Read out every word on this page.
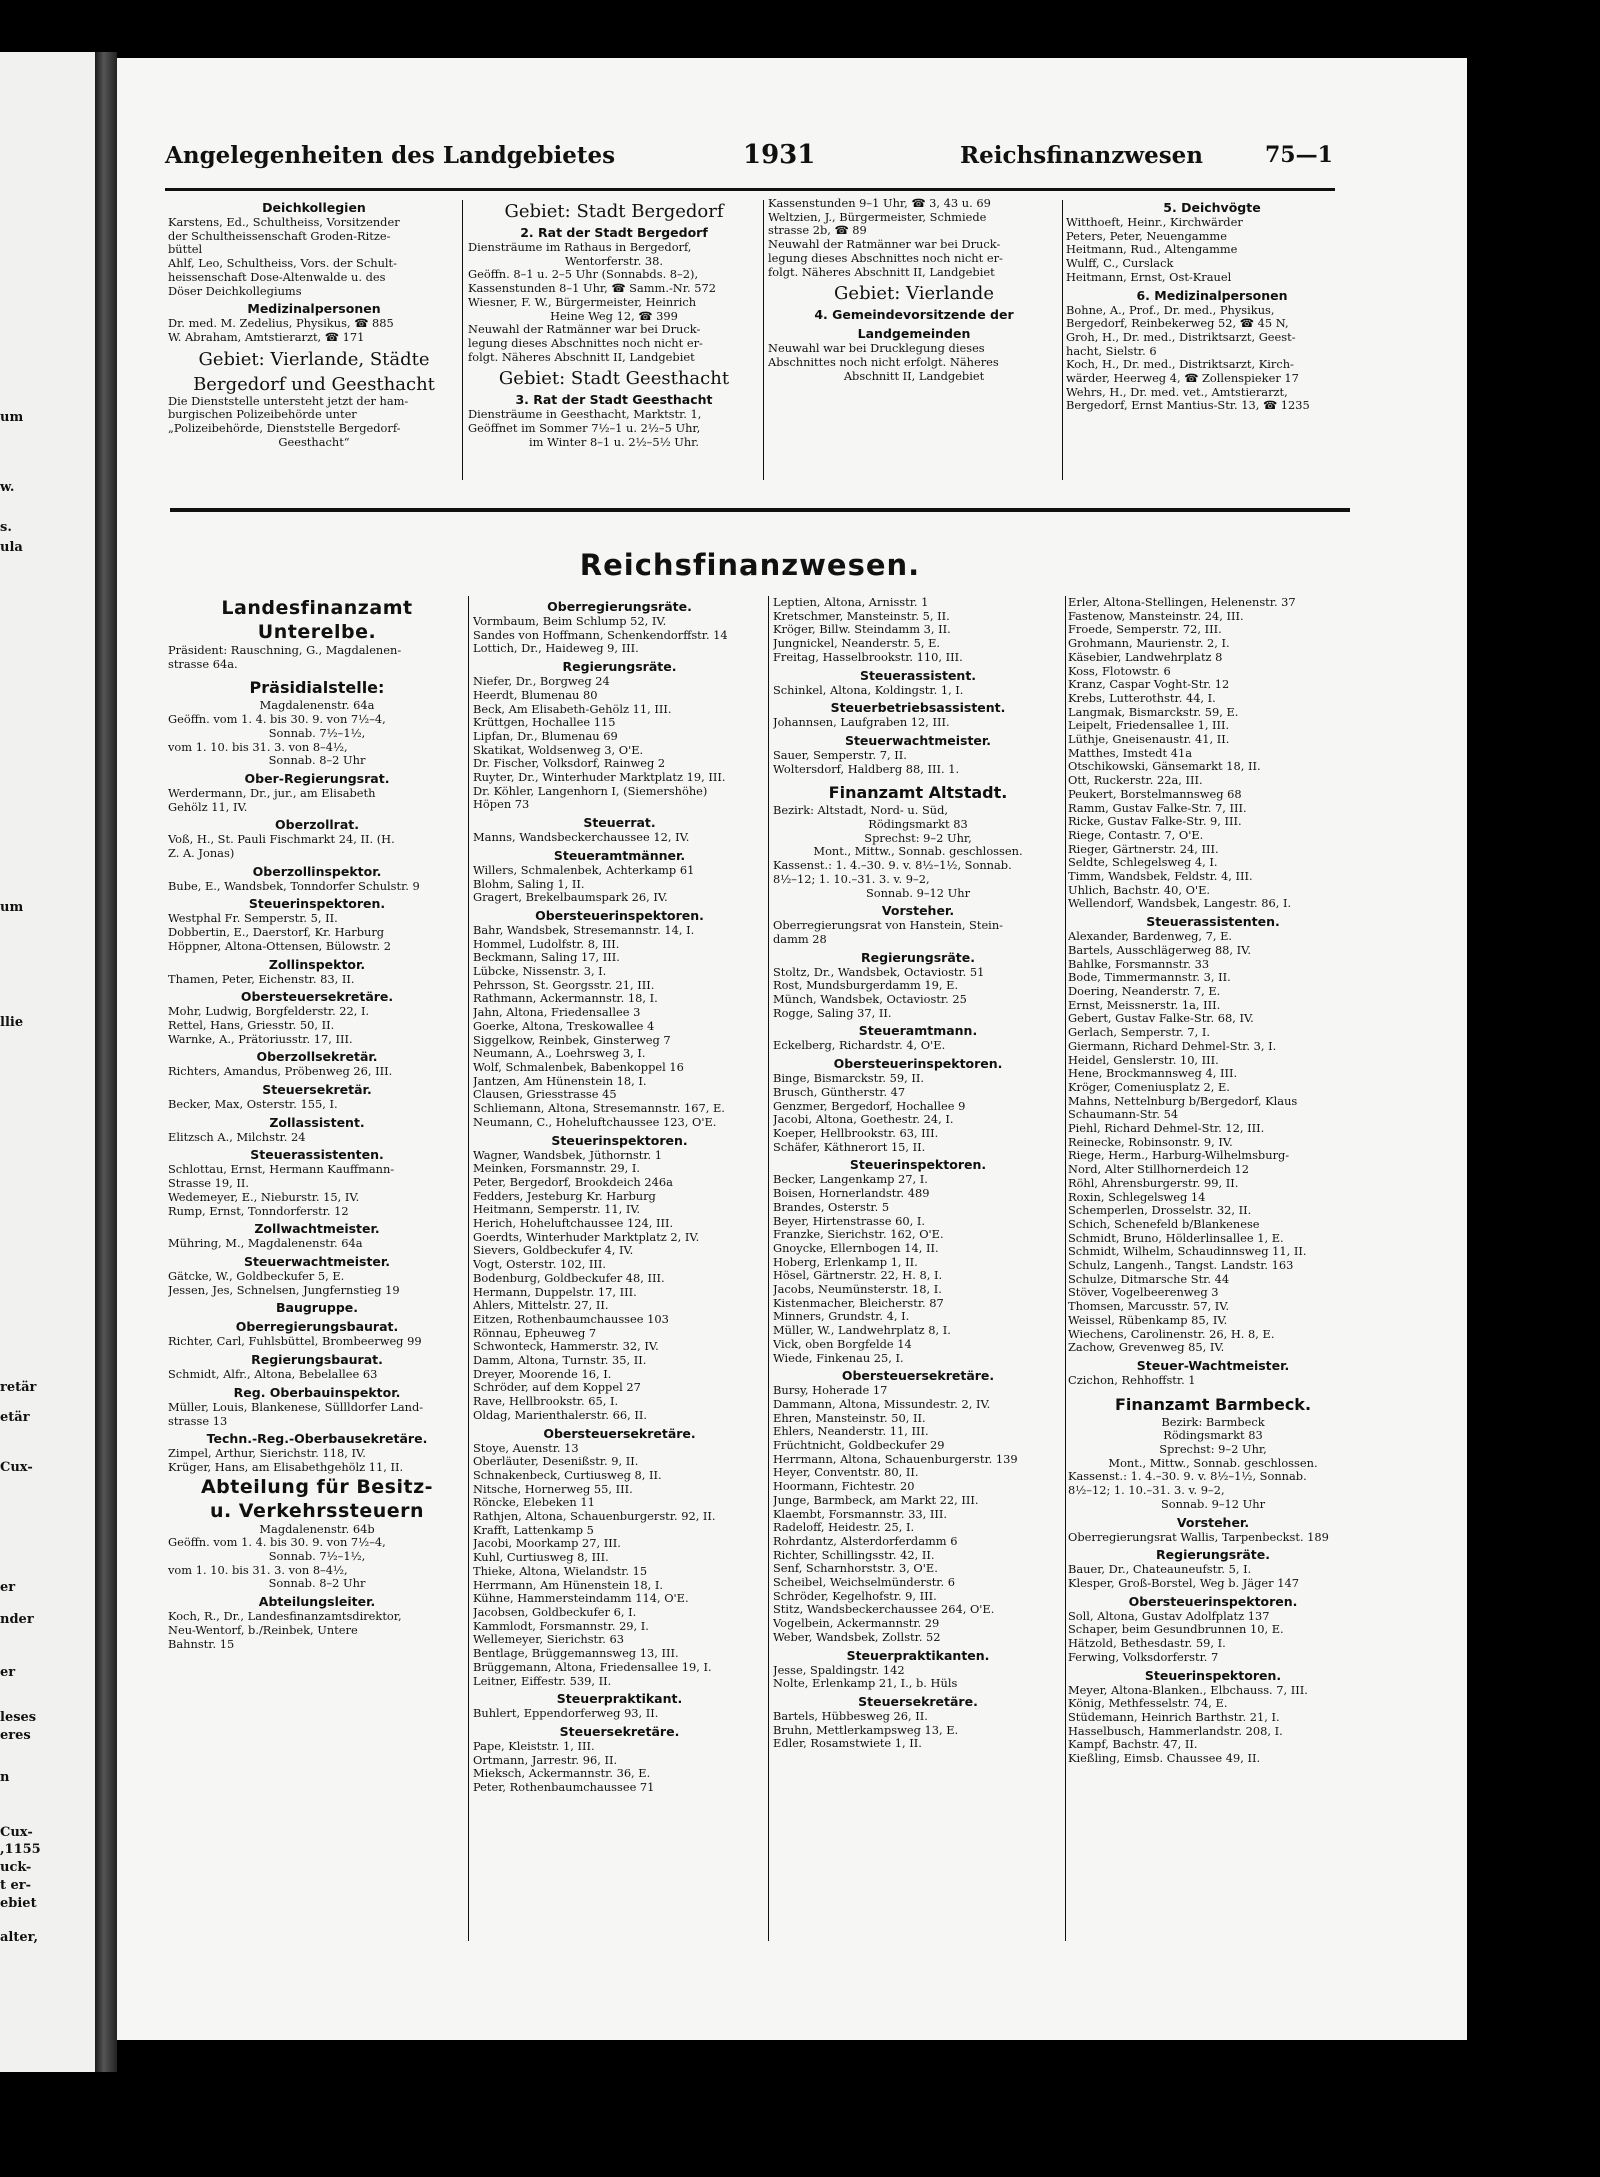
um
w.
s.
ula
um
llie
retär
etär
Cux-
er
nder
er
leses
eres
n
Cux-
,1155
uck-
t er-
ebiet
alter,
Angelegenheiten des Landgebietes	1931	Reichsfinanzwesen	75—1
Deichkollegien
Karstens, Ed., Schultheiss, Vorsitzender
der Schultheissenschaft Groden-Ritze-
büttel
Ahlf, Leo, Schultheiss, Vors. der Schult-
heissenschaft Dose-Altenwalde u. des
Döser Deichkollegiums
Medizinalpersonen
Dr. med. M. Zedelius, Physikus, ☎ 885
W. Abraham, Amtstierarzt, ☎ 171
Gebiet: Vierlande, Städte
Bergedorf und Geesthacht
Die Dienststelle untersteht jetzt der ham-
burgischen Polizeibehörde unter
„Polizeibehörde, Dienststelle Bergedorf-
Geesthacht“
Gebiet: Stadt Bergedorf
2. Rat der Stadt Bergedorf
Diensträume im Rathaus in Bergedorf,
Wentorferstr. 38.
Geöffn. 8–1 u. 2–5 Uhr (Sonnabds. 8–2),
Kassenstunden 8–1 Uhr, ☎ Samm.-Nr. 572
Wiesner, F. W., Bürgermeister, Heinrich
Heine Weg 12, ☎ 399
Neuwahl der Ratmänner war bei Druck-
legung dieses Abschnittes noch nicht er-
folgt. Näheres Abschnitt II, Landgebiet
Gebiet: Stadt Geesthacht
3. Rat der Stadt Geesthacht
Diensträume in Geesthacht, Marktstr. 1,
Geöffnet im Sommer 7½–1 u. 2½–5 Uhr,
im Winter 8–1 u. 2½–5½ Uhr.
Kassenstunden 9–1 Uhr, ☎ 3, 43 u. 69
Weltzien, J., Bürgermeister, Schmiede
strasse 2b, ☎ 89
Neuwahl der Ratmänner war bei Druck-
legung dieses Abschnittes noch nicht er-
folgt. Näheres Abschnitt II, Landgebiet
Gebiet: Vierlande
4. Gemeindevorsitzende der
Landgemeinden
Neuwahl war bei Drucklegung dieses
Abschnittes noch nicht erfolgt. Näheres
Abschnitt II, Landgebiet
5. Deichvögte
Witthoeft, Heinr., Kirchwärder
Peters, Peter, Neuengamme
Heitmann, Rud., Altengamme
Wulff, C., Curslack
Heitmann, Ernst, Ost-Krauel
6. Medizinalpersonen
Bohne, A., Prof., Dr. med., Physikus,
Bergedorf, Reinbekerweg 52, ☎ 45 N,
Groh, H., Dr. med., Distriktsarzt, Geest-
hacht, Sielstr. 6
Koch, H., Dr. med., Distriktsarzt, Kirch-
wärder, Heerweg 4, ☎ Zollenspieker 17
Wehrs, H., Dr. med. vet., Amtstierarzt,
Bergedorf, Ernst Mantius-Str. 13, ☎ 1235
Reichsfinanzwesen.
Landesfinanzamt
Unterelbe.
Präsident: Rauschning, G., Magdalenen-
strasse 64a.
Präsidialstelle:
Magdalenenstr. 64a
Geöffn. vom 1. 4. bis 30. 9. von 7½–4,
Sonnab. 7½–1½,
vom 1. 10. bis 31. 3. von 8–4½,
Sonnab. 8–2 Uhr
Ober-Regierungsrat.
Werdermann, Dr., jur., am Elisabeth
Gehölz 11, IV.
Oberzollrat.
Voß, H., St. Pauli Fischmarkt 24, II. (H.
Z. A. Jonas)
Oberzollinspektor.
Bube, E., Wandsbek, Tonndorfer Schulstr. 9
Steuerinspektoren.
Westphal Fr. Semperstr. 5, II.
Dobbertin, E., Daerstorf, Kr. Harburg
Höppner, Altona-Ottensen, Bülowstr. 2
Zollinspektor.
Thamen, Peter, Eichenstr. 83, II.
Obersteuersekretäre.
Mohr, Ludwig, Borgfelderstr. 22, I.
Rettel, Hans, Griesstr. 50, II.
Warnke, A., Prätoriusstr. 17, III.
Oberzollsekretär.
Richters, Amandus, Pröbenweg 26, III.
Steuersekretär.
Becker, Max, Osterstr. 155, I.
Zollassistent.
Elitzsch A., Milchstr. 24
Steuerassistenten.
Schlottau, Ernst, Hermann Kauffmann-
Strasse 19, II.
Wedemeyer, E., Nieburstr. 15, IV.
Rump, Ernst, Tonndorferstr. 12
Zollwachtmeister.
Mühring, M., Magdalenenstr. 64a
Steuerwachtmeister.
Gätcke, W., Goldbeckufer 5, E.
Jessen, Jes, Schnelsen, Jungfernstieg 19
Baugruppe.
Oberregierungsbaurat.
Richter, Carl, Fuhlsbüttel, Brombeerweg 99
Regierungsbaurat.
Schmidt, Alfr., Altona, Bebelallee 63
Reg. Oberbauinspektor.
Müller, Louis, Blankenese, Süllldorfer Land-
strasse 13
Techn.-Reg.-Oberbausekretäre.
Zimpel, Arthur, Sierichstr. 118, IV.
Krüger, Hans, am Elisabethgehölz 11, II.
Abteilung für Besitz-
u. Verkehrssteuern
Magdalenenstr. 64b
Geöffn. vom 1. 4. bis 30. 9. von 7½–4,
Sonnab. 7½–1½,
vom 1. 10. bis 31. 3. von 8–4½,
Sonnab. 8–2 Uhr
Abteilungsleiter.
Koch, R., Dr., Landesfinanzamtsdirektor,
Neu-Wentorf, b./Reinbek, Untere
Bahnstr. 15
Oberregierungsräte.
Vormbaum, Beim Schlump 52, IV.
Sandes von Hoffmann, Schenkendorffstr. 14
Lottich, Dr., Haideweg 9, III.
Regierungsräte.
Niefer, Dr., Borgweg 24
Heerdt, Blumenau 80
Beck, Am Elisabeth-Gehölz 11, III.
Krüttgen, Hochallee 115
Lipfan, Dr., Blumenau 69
Skatikat, Woldsenweg 3, O'E.
Dr. Fischer, Volksdorf, Rainweg 2
Ruyter, Dr., Winterhuder Marktplatz 19, III.
Dr. Köhler, Langenhorn I, (Siemershöhe)
Höpen 73
Steuerrat.
Manns, Wandsbeckerchaussee 12, IV.
Steueramtmänner.
Willers, Schmalenbek, Achterkamp 61
Blohm, Saling 1, II.
Gragert, Brekelbaumspark 26, IV.
Obersteuerinspektoren.
Bahr, Wandsbek, Stresemannstr. 14, I.
Hommel, Ludolfstr. 8, III.
Beckmann, Saling 17, III.
Lübcke, Nissenstr. 3, I.
Pehrsson, St. Georgsstr. 21, III.
Rathmann, Ackermannstr. 18, I.
Jahn, Altona, Friedensallee 3
Goerke, Altona, Treskowallee 4
Siggelkow, Reinbek, Ginsterweg 7
Neumann, A., Loehrsweg 3, I.
Wolf, Schmalenbek, Babenkoppel 16
Jantzen, Am Hünenstein 18, I.
Clausen, Griesstrasse 45
Schliemann, Altona, Stresemannstr. 167, E.
Neumann, C., Hoheluftchaussee 123, O'E.
Steuerinspektoren.
Wagner, Wandsbek, Jüthornstr. 1
Meinken, Forsmannstr. 29, I.
Peter, Bergedorf, Brookdeich 246a
Fedders, Jesteburg Kr. Harburg
Heitmann, Semperstr. 11, IV.
Herich, Hoheluftchaussee 124, III.
Goerdts, Winterhuder Marktplatz 2, IV.
Sievers, Goldbeckufer 4, IV.
Vogt, Osterstr. 102, III.
Bodenburg, Goldbeckufer 48, III.
Hermann, Duppelstr. 17, III.
Ahlers, Mittelstr. 27, II.
Eitzen, Rothenbaumchaussee 103
Rönnau, Epheuweg 7
Schwonteck, Hammerstr. 32, IV.
Damm, Altona, Turnstr. 35, II.
Dreyer, Moorende 16, I.
Schröder, auf dem Koppel 27
Rave, Hellbrookstr. 65, I.
Oldag, Marienthalerstr. 66, II.
Obersteuersekretäre.
Stoye, Auenstr. 13
Oberläuter, Desenißstr. 9, II.
Schnakenbeck, Curtiusweg 8, II.
Nitsche, Hornerweg 55, III.
Röncke, Elebeken 11
Rathjen, Altona, Schauenburgerstr. 92, II.
Krafft, Lattenkamp 5
Jacobi, Moorkamp 27, III.
Kuhl, Curtiusweg 8, III.
Thieke, Altona, Wielandstr. 15
Herrmann, Am Hünenstein 18, I.
Kühne, Hammersteindamm 114, O'E.
Jacobsen, Goldbeckufer 6, I.
Kammlodt, Forsmannstr. 29, I.
Wellemeyer, Sierichstr. 63
Bentlage, Brüggemannsweg 13, III.
Brüggemann, Altona, Friedensallee 19, I.
Leitner, Eiffestr. 539, II.
Steuerpraktikant.
Buhlert, Eppendorferweg 93, II.
Steuersekretäre.
Pape, Kleiststr. 1, III.
Ortmann, Jarrestr. 96, II.
Mieksch, Ackermannstr. 36, E.
Peter, Rothenbaumchaussee 71
Leptien, Altona, Arnisstr. 1
Kretschmer, Mansteinstr. 5, II.
Kröger, Billw. Steindamm 3, II.
Jungnickel, Neanderstr. 5, E.
Freitag, Hasselbrookstr. 110, III.
Steuerassistent.
Schinkel, Altona, Koldingstr. 1, I.
Steuerbetriebsassistent.
Johannsen, Laufgraben 12, III.
Steuerwachtmeister.
Sauer, Semperstr. 7, II.
Woltersdorf, Haldberg 88, III. 1.
Finanzamt Altstadt.
Bezirk: Altstadt, Nord- u. Süd,
Rödingsmarkt 83
Sprechst: 9–2 Uhr,
Mont., Mittw., Sonnab. geschlossen.
Kassenst.: 1. 4.–30. 9. v. 8½–1½, Sonnab.
8½–12; 1. 10.–31. 3. v. 9–2,
Sonnab. 9–12 Uhr
Vorsteher.
Oberregierungsrat von Hanstein, Stein-
damm 28
Regierungsräte.
Stoltz, Dr., Wandsbek, Octaviostr. 51
Rost, Mundsburgerdamm 19, E.
Münch, Wandsbek, Octaviostr. 25
Rogge, Saling 37, II.
Steueramtmann.
Eckelberg, Richardstr. 4, O'E.
Obersteuerinspektoren.
Binge, Bismarckstr. 59, II.
Brusch, Güntherstr. 47
Genzmer, Bergedorf, Hochallee 9
Jacobi, Altona, Goethestr. 24, I.
Koeper, Hellbrookstr. 63, III.
Schäfer, Käthnerort 15, II.
Steuerinspektoren.
Becker, Langenkamp 27, I.
Boisen, Hornerlandstr. 489
Brandes, Osterstr. 5
Beyer, Hirtenstrasse 60, I.
Franzke, Sierichstr. 162, O'E.
Gnoycke, Ellernbogen 14, II.
Hoberg, Erlenkamp 1, II.
Hösel, Gärtnerstr. 22, H. 8, I.
Jacobs, Neumünsterstr. 18, I.
Kistenmacher, Bleicherstr. 87
Minners, Grundstr. 4, I.
Müller, W., Landwehrplatz 8, I.
Vick, oben Borgfelde 14
Wiede, Finkenau 25, I.
Obersteuersekretäre.
Bursy, Hoherade 17
Dammann, Altona, Missundestr. 2, IV.
Ehren, Mansteinstr. 50, II.
Ehlers, Neanderstr. 11, III.
Früchtnicht, Goldbeckufer 29
Herrmann, Altona, Schauenburgerstr. 139
Heyer, Conventstr. 80, II.
Hoormann, Fichtestr. 20
Junge, Barmbeck, am Markt 22, III.
Klaembt, Forsmannstr. 33, III.
Radeloff, Heidestr. 25, I.
Rohrdantz, Alsterdorferdamm 6
Richter, Schillingsstr. 42, II.
Senf, Scharnhorststr. 3, O'E.
Scheibel, Weichselmünderstr. 6
Schröder, Kegelhofstr. 9, III.
Stitz, Wandsbeckerchaussee 264, O'E.
Vogelbein, Ackermannstr. 29
Weber, Wandsbek, Zollstr. 52
Steuerpraktikanten.
Jesse, Spaldingstr. 142
Nolte, Erlenkamp 21, I., b. Hüls
Steuersekretäre.
Bartels, Hübbesweg 26, II.
Bruhn, Mettlerkampsweg 13, E.
Edler, Rosamstwiete 1, II.
Erler, Altona-Stellingen, Helenenstr. 37
Fastenow, Mansteinstr. 24, III.
Froede, Semperstr. 72, III.
Grohmann, Maurienstr. 2, I.
Käsebier, Landwehrplatz 8
Koss, Flotowstr. 6
Kranz, Caspar Voght-Str. 12
Krebs, Lutterothstr. 44, I.
Langmak, Bismarckstr. 59, E.
Leipelt, Friedensallee 1, III.
Lüthje, Gneisenaustr. 41, II.
Matthes, Imstedt 41a
Otschikowski, Gänsemarkt 18, II.
Ott, Ruckerstr. 22a, III.
Peukert, Borstelmannsweg 68
Ramm, Gustav Falke-Str. 7, III.
Ricke, Gustav Falke-Str. 9, III.
Riege, Contastr. 7, O'E.
Rieger, Gärtnerstr. 24, III.
Seldte, Schlegelsweg 4, I.
Timm, Wandsbek, Feldstr. 4, III.
Uhlich, Bachstr. 40, O'E.
Wellendorf, Wandsbek, Langestr. 86, I.
Steuerassistenten.
Alexander, Bardenweg, 7, E.
Bartels, Ausschlägerweg 88, IV.
Bahlke, Forsmannstr. 33
Bode, Timmermannstr. 3, II.
Doering, Neanderstr. 7, E.
Ernst, Meissnerstr. 1a, III.
Gebert, Gustav Falke-Str. 68, IV.
Gerlach, Semperstr. 7, I.
Giermann, Richard Dehmel-Str. 3, I.
Heidel, Genslerstr. 10, III.
Hene, Brockmannsweg 4, III.
Kröger, Comeniusplatz 2, E.
Mahns, Nettelnburg b/Bergedorf, Klaus
Schaumann-Str. 54
Piehl, Richard Dehmel-Str. 12, III.
Reinecke, Robinsonstr. 9, IV.
Riege, Herm., Harburg-Wilhelmsburg-
Nord, Alter Stillhornerdeich 12
Röhl, Ahrensburgerstr. 99, II.
Roxin, Schlegelsweg 14
Schemperlen, Drosselstr. 32, II.
Schich, Schenefeld b/Blankenese
Schmidt, Bruno, Hölderlinsallee 1, E.
Schmidt, Wilhelm, Schaudinnsweg 11, II.
Schulz, Langenh., Tangst. Landstr. 163
Schulze, Ditmarsche Str. 44
Stöver, Vogelbeerenweg 3
Thomsen, Marcusstr. 57, IV.
Weissel, Rübenkamp 85, IV.
Wiechens, Carolinenstr. 26, H. 8, E.
Zachow, Grevenweg 85, IV.
Steuer-Wachtmeister.
Czichon, Rehhoffstr. 1
Finanzamt Barmbeck.
Bezirk: Barmbeck
Rödingsmarkt 83
Sprechst: 9–2 Uhr,
Mont., Mittw., Sonnab. geschlossen.
Kassenst.: 1. 4.–30. 9. v. 8½–1½, Sonnab.
8½–12; 1. 10.–31. 3. v. 9–2,
Sonnab. 9–12 Uhr
Vorsteher.
Oberregierungsrat Wallis, Tarpenbeckst. 189
Regierungsräte.
Bauer, Dr., Chateauneufstr. 5, I.
Klesper, Groß-Borstel, Weg b. Jäger 147
Obersteuerinspektoren.
Soll, Altona, Gustav Adolfplatz 137
Schaper, beim Gesundbrunnen 10, E.
Hätzold, Bethesdastr. 59, I.
Ferwing, Volksdorferstr. 7
Steuerinspektoren.
Meyer, Altona-Blanken., Elbchauss. 7, III.
König, Methfesselstr. 74, E.
Stüdemann, Heinrich Barthstr. 21, I.
Hasselbusch, Hammerlandstr. 208, I.
Kampf, Bachstr. 47, II.
Kießling, Eimsb. Chaussee 49, II.
